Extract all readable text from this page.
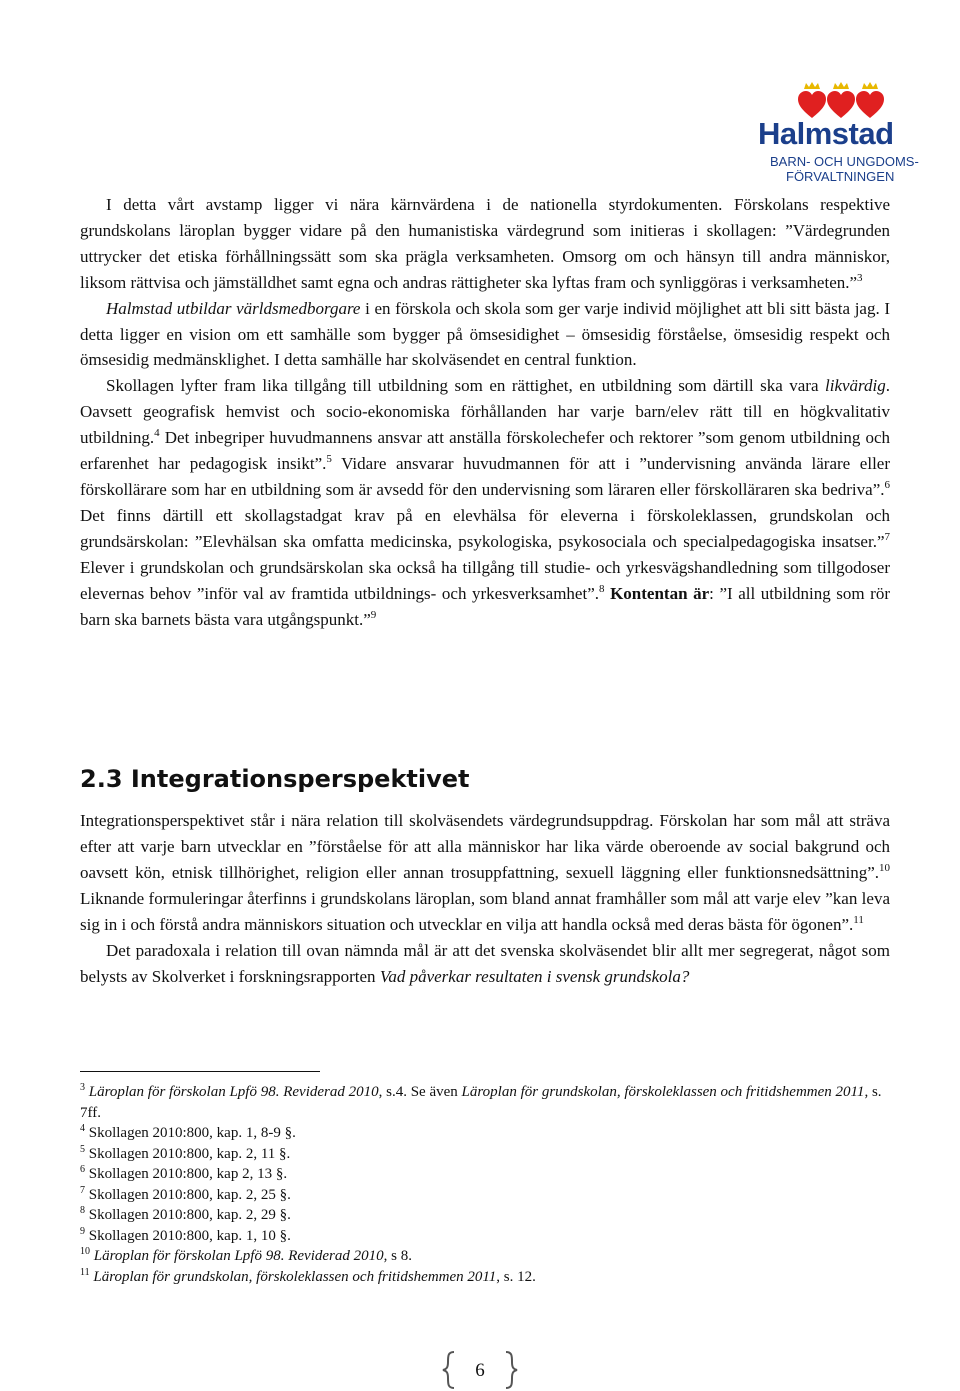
Halmstad
BARN- OCH UNGDOMS-
FÖRVALTNINGEN

I detta vårt avstamp ligger vi nära kärnvärdena i de nationella styrdokumenten. Förskolans respektive grundskolans läroplan bygger vidare på den humanistiska värdegrund som initieras i skollagen: ”Värdegrunden uttrycker det etiska förhållningssätt som ska prägla verksamheten. Omsorg om och hänsyn till andra människor, liksom rättvisa och jämställdhet samt egna och andras rättigheter ska lyftas fram och synliggöras i verksamheten.”$^3$

Halmstad utbildar världsmedborgare i en förskola och skola som ger varje individ möjlighet att bli sitt bästa jag. I detta ligger en vision om ett samhälle som bygger på ömsesidighet – ömsesidig förståelse, ömsesidig respekt och ömsesidig medmänsklighet. I detta samhälle har skolväsendet en central funktion.

Skollagen lyfter fram lika tillgång till utbildning som en rättighet, en utbildning som därtill ska vara likvärdig. Oavsett geografisk hemvist och socio-ekonomiska förhållanden har varje barn/elev rätt till en högkvalitativ utbildning.$^4$ Det inbegriper huvudmannens ansvar att anställa förskolechefer och rektorer ”som genom utbildning och erfarenhet har pedagogisk insikt”.$^5$ Vidare ansvarar huvudmannen för att i ”undervisning använda lärare eller förskollärare som har en utbildning som är avsedd för den undervisning som läraren eller förskolläraren ska bedriva”.$^6$ Det finns därtill ett skollagstadgat krav på en elevhälsa för eleverna i förskoleklassen, grundskolan och grundsärskolan: ”Elevhälsan ska omfatta medicinska, psykologiska, psykosociala och specialpedagogiska insatser.”$^7$ Elever i grundskolan och grundsärskolan ska också ha tillgång till studie- och yrkesvägshandledning som tillgodoser elevernas behov ”inför val av framtida utbildnings- och yrkesverksamhet”.$^8$ Kontentan är: ”I all utbildning som rör barn ska barnets bästa vara utgångspunkt.”$^9$

2.3 Integrationsperspektivet

Integrationsperspektivet står i nära relation till skolväsendets värdegrundsuppdrag. Förskolan har som mål att sträva efter att varje barn utvecklar en ”förståelse för att alla människor har lika värde oberoende av social bakgrund och oavsett kön, etnisk tillhörighet, religion eller annan trosuppfattning, sexuell läggning eller funktionsnedsättning”.$^{10}$ Liknande formuleringar återfinns i grundskolans läroplan, som bland annat framhåller som mål att varje elev ”kan leva sig in i och förstå andra människors situation och utvecklar en vilja att handla också med deras bästa för ögonen”.$^{11}$

Det paradoxala i relation till ovan nämnda mål är att det svenska skolväsendet blir allt mer segregerat, något som belysts av Skolverket i forskningsrapporten Vad påverkar resultaten i svensk grundskola?

$^3$ Läroplan för förskolan Lpfö 98. Reviderad 2010, s.4. Se även Läroplan för grundskolan, förskoleklassen och fritidshemmen 2011, s. 7ff.

$^4$ Skollagen 2010:800, kap. 1, 8-9 §.

$^5$ Skollagen 2010:800, kap. 2, 11 §.

$^6$ Skollagen 2010:800, kap 2, 13 §.

$^7$ Skollagen 2010:800, kap. 2, 25 §.

$^8$ Skollagen 2010:800, kap. 2, 29 §.

$^9$ Skollagen 2010:800, kap. 1, 10 §.

$^{10}$ Läroplan för förskolan Lpfö 98. Reviderad 2010, s 8.

$^{11}$ Läroplan för grundskolan, förskoleklassen och fritidshemmen 2011, s. 12.

6
